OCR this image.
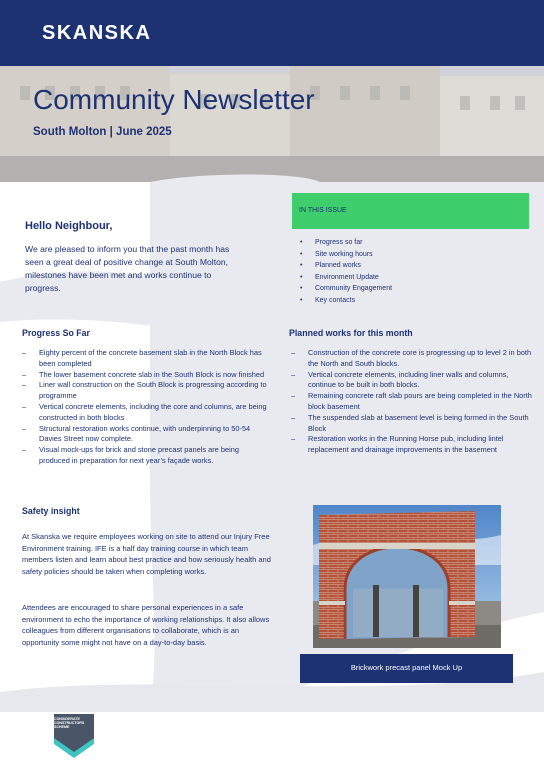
SKANSKA
Community Newsletter
South Molton | June 2025
Hello Neighbour,
We are pleased to inform you that the past month has seen a great deal of positive change at South Molton, milestones have been met and works continue to progress.
IN THIS ISSUE
• Progress so far
• Site working hours
• Planned works
• Environment Update
• Community Engagement
• Key contacts
Progress So Far
– Eighty percent of the concrete basement slab in the North Block has been completed
– The lower basement concrete slab in the South Block is now finished
– Liner wall construction on the South Block is progressing according to programme
– Vertical concrete elements, including the core and columns, are being constructed in both blocks
– Structural restoration works continue, with underpinning to 50-54 Davies Street now complete.
– Visual mock-ups for brick and stone precast panels are being produced in preparation for next year’s façade works.
Planned works for this month
– Construction of the concrete core is progressing up to level 2 in both the North and South blocks.
– Vertical concrete elements, including liner walls and columns, continue to be built in both blocks.
– Remaining concrete raft slab pours are being completed in the North block basement
– The suspended slab at basement level is being formed in the South Block
– Restoration works in the Running Horse pub, including lintel replacement and drainage improvements in the basement
Safety insight
At Skanska we require employees working on site to attend our Injury Free Environment training. IFE is a half day training course in which team members listen and learn about best practice and how seriously health and safety policies should be taken when completing works.
Attendees are encouraged to share personal experiences in a safe environment to echo the importance of working relationships. It also allows colleagues from different organisations to collaborate, which is an opportunity some might not have on a day-to-day basis.
Brickwork precast panel Mock Up
CONSIDERATE
CONSTRUCTORS
SCHEME
